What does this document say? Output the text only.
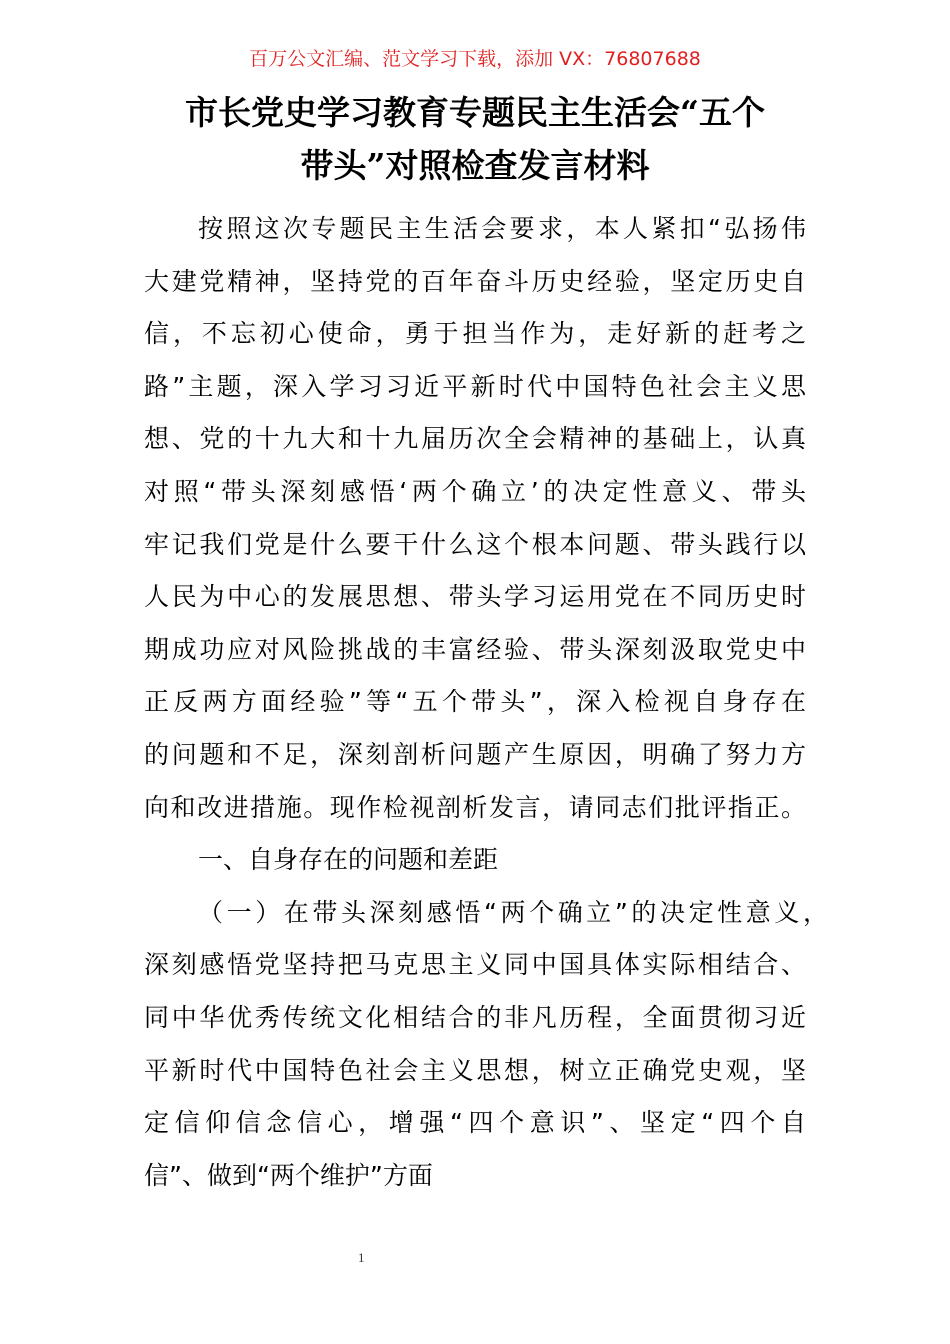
百万公文汇编、范文学习下载，添加 VX：76807688
市长党史学习教育专题民主生活会“五个
带头”对照检查发言材料
按照这次专题民主生活会要求，本人紧扣“弘扬伟
大建党精神，坚持党的百年奋斗历史经验，坚定历史自
信，不忘初心使命，勇于担当作为，走好新的赶考之
路”主题，深入学习习近平新时代中国特色社会主义思
想、党的十九大和十九届历次全会精神的基础上，认真
对照“带头深刻感悟‘两个确立’的决定性意义、带头
牢记我们党是什么要干什么这个根本问题、带头践行以
人民为中心的发展思想、带头学习运用党在不同历史时
期成功应对风险挑战的丰富经验、带头深刻汲取党史中
正反两方面经验”等“五个带头”，深入检视自身存在
的问题和不足，深刻剖析问题产生原因，明确了努力方
向和改进措施。现作检视剖析发言，请同志们批评指正。
一、自身存在的问题和差距
（一）在带头深刻感悟“两个确立”的决定性意义，
深刻感悟党坚持把马克思主义同中国具体实际相结合、
同中华优秀传统文化相结合的非凡历程，全面贯彻习近
平新时代中国特色社会主义思想，树立正确党史观，坚
定信仰信念信心，增强“四个意识”、坚定“四个自
信”、做到“两个维护”方面
1
